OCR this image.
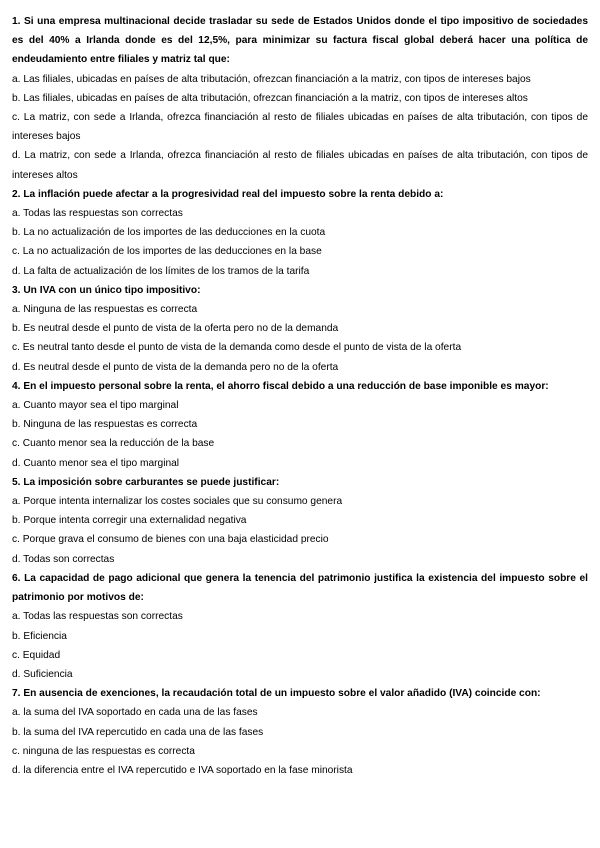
1. Si una empresa multinacional decide trasladar su sede de Estados Unidos donde el tipo impositivo de sociedades es del 40% a Irlanda donde es del 12,5%, para minimizar su factura fiscal global deberá hacer una política de endeudamiento entre filiales y matriz tal que:
a. Las filiales, ubicadas en países de alta tributación, ofrezcan financiación a la matriz, con tipos de intereses bajos
b. Las filiales, ubicadas en países de alta tributación, ofrezcan financiación a la matriz, con tipos de intereses altos
c. La matriz, con sede a Irlanda, ofrezca financiación al resto de filiales ubicadas en países de alta tributación, con tipos de intereses bajos
d. La matriz, con sede a Irlanda, ofrezca financiación al resto de filiales ubicadas en países de alta tributación, con tipos de intereses altos
2. La inflación puede afectar a la progresividad real del impuesto sobre la renta debido a:
a. Todas las respuestas son correctas
b. La no actualización de los importes de las deducciones en la cuota
c. La no actualización de los importes de las deducciones en la base
d. La falta de actualización de los límites de los tramos de la tarifa
3. Un IVA con un único tipo impositivo:
a. Ninguna de las respuestas es correcta
b. Es neutral desde el punto de vista de la oferta pero no de la demanda
c. Es neutral tanto desde el punto de vista de la demanda como desde el punto de vista de la oferta
d. Es neutral desde el punto de vista de la demanda pero no de la oferta
4. En el impuesto personal sobre la renta, el ahorro fiscal debido a una reducción de base imponible es mayor:
a. Cuanto mayor sea el tipo marginal
b. Ninguna de las respuestas es correcta
c. Cuanto menor sea la reducción de la base
d. Cuanto menor sea el tipo marginal
5. La imposición sobre carburantes se puede justificar:
a. Porque intenta internalizar los costes sociales que su consumo genera
b. Porque intenta corregir una externalidad negativa
c. Porque grava el consumo de bienes con una baja elasticidad precio
d. Todas son correctas
6. La capacidad de pago adicional que genera la tenencia del patrimonio justifica la existencia del impuesto sobre el patrimonio por motivos de:
a. Todas las respuestas son correctas
b. Eficiencia
c. Equidad
d. Suficiencia
7. En ausencia de exenciones, la recaudación total de un impuesto sobre el valor añadido (IVA) coincide con:
a. la suma del IVA soportado en cada una de las fases
b. la suma del IVA repercutido en cada una de las fases
c. ninguna de las respuestas es correcta
d. la diferencia entre el IVA repercutido e IVA soportado en la fase minorista
